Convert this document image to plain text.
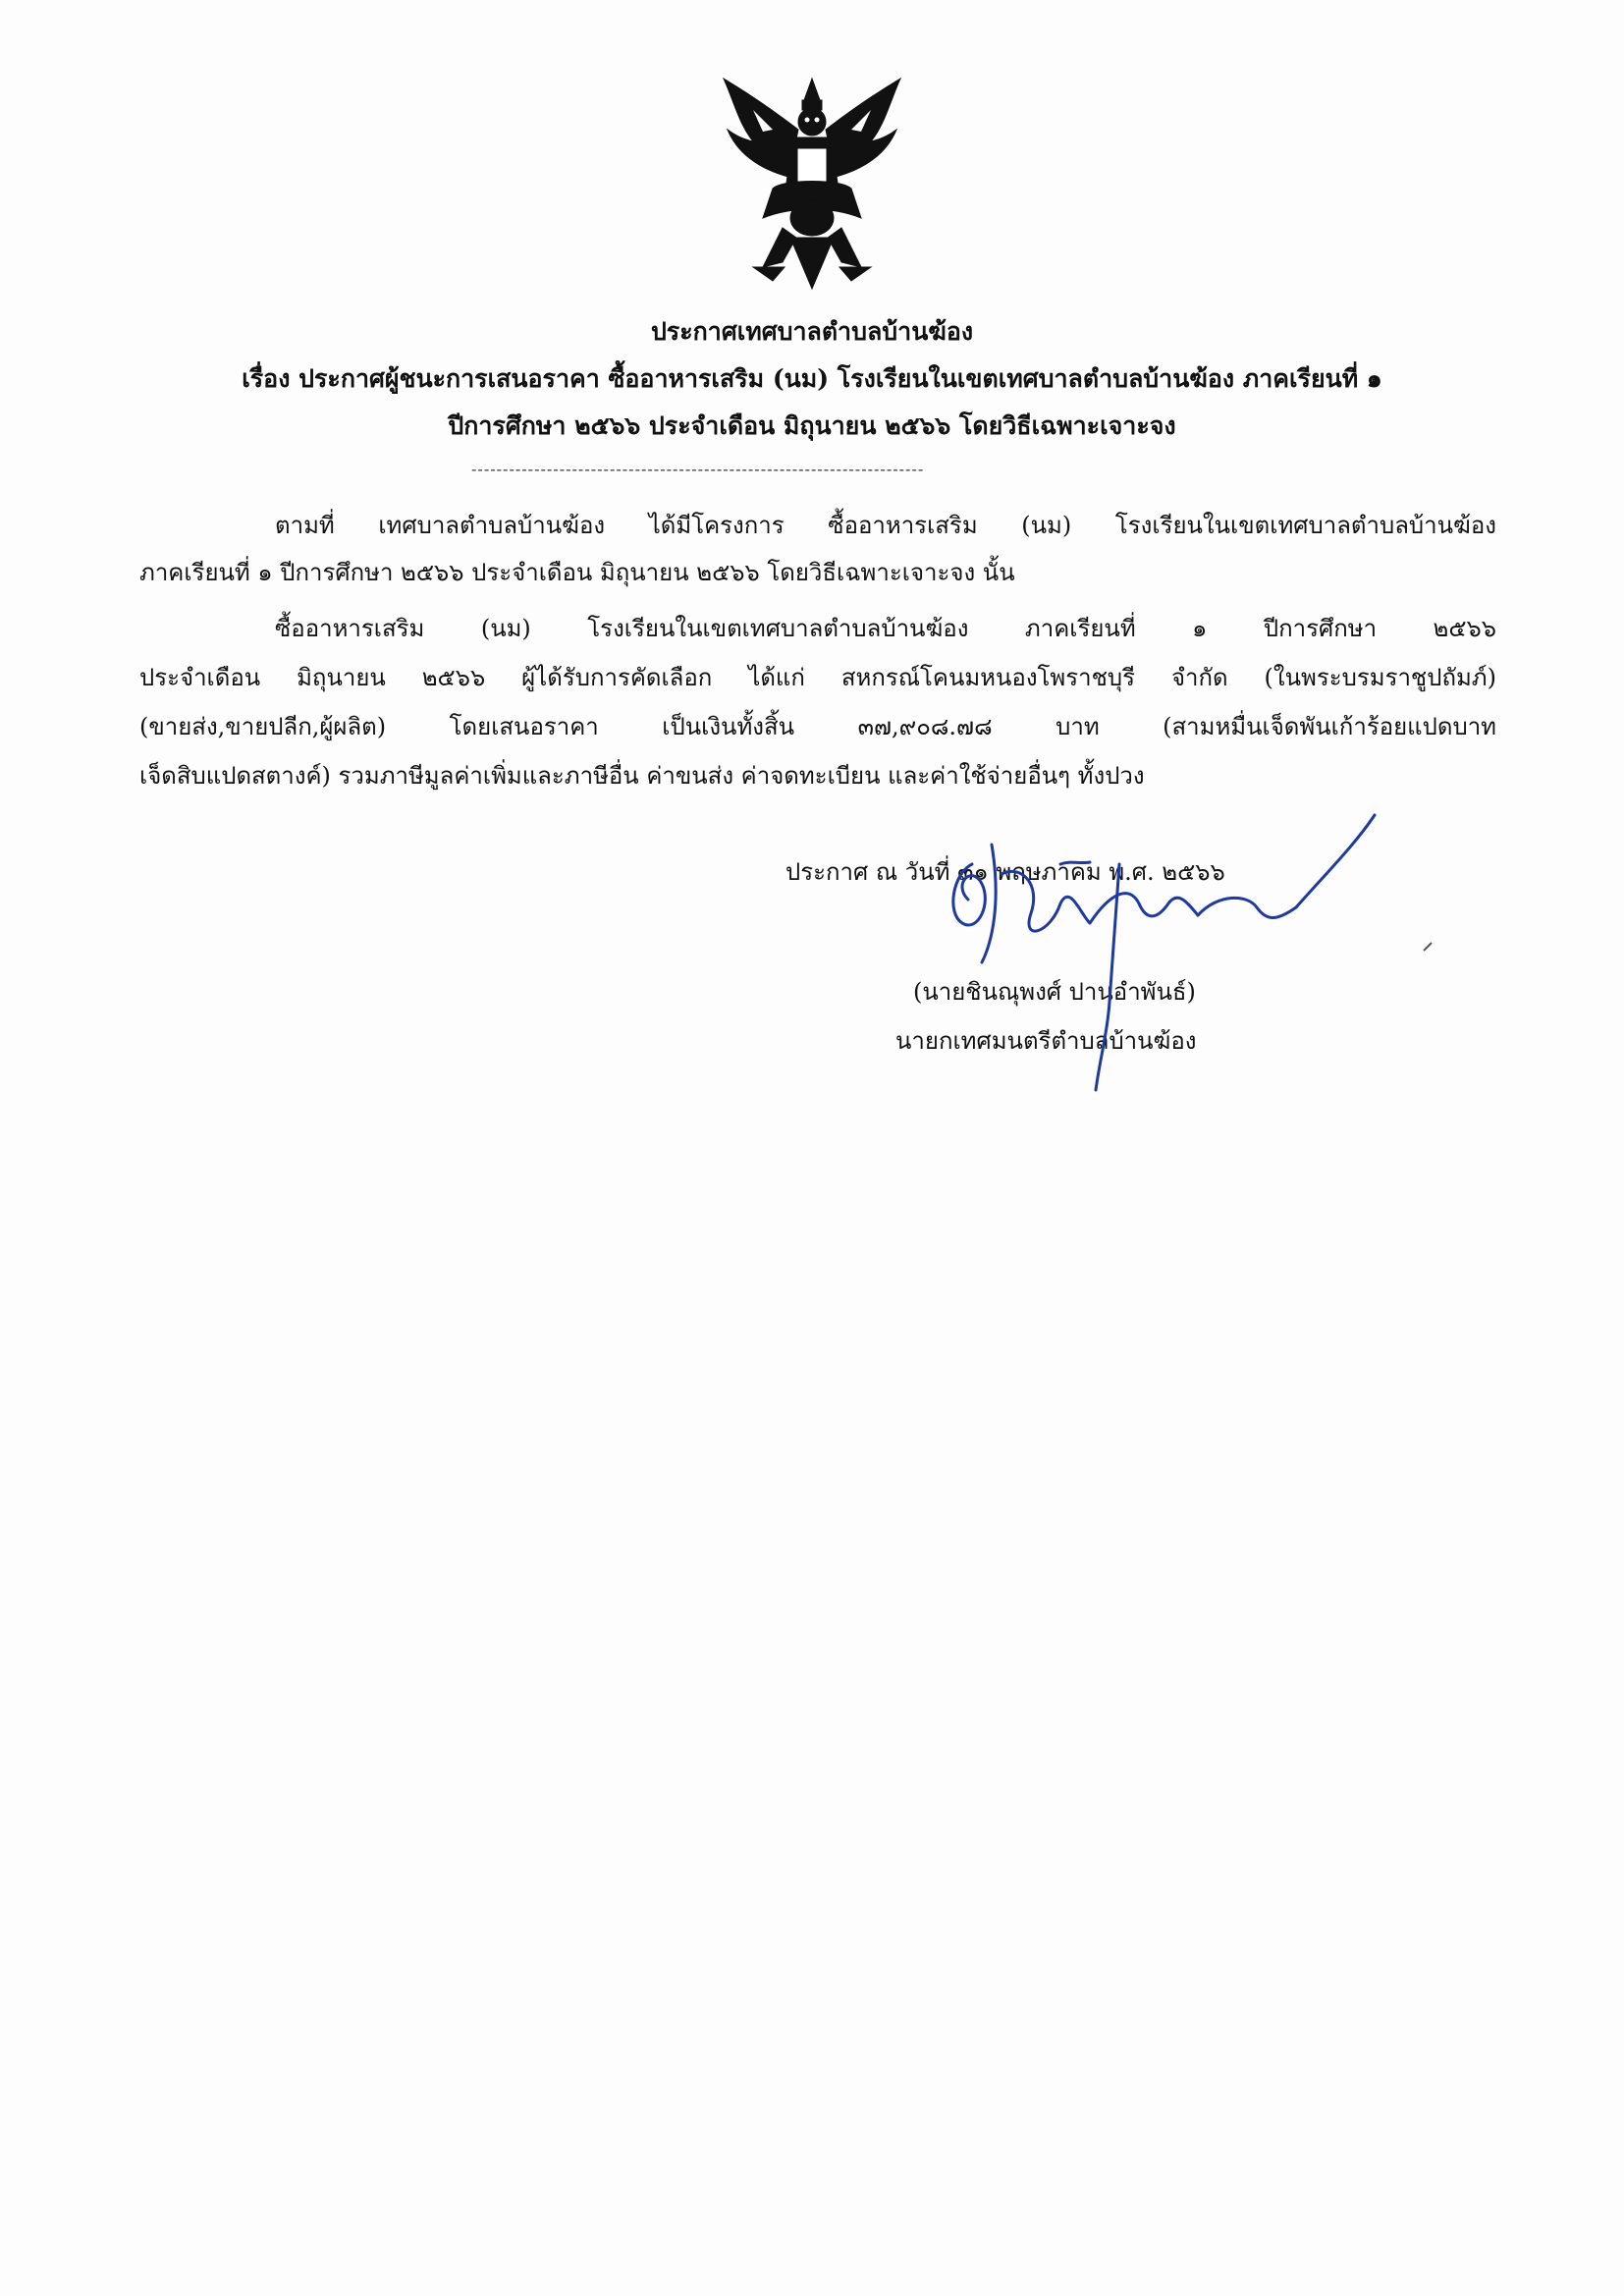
ประกาศเทศบาลตำบลบ้านฆ้อง
เรื่อง ประกาศผู้ชนะการเสนอราคา ซื้ออาหารเสริม (นม) โรงเรียนในเขตเทศบาลตำบลบ้านฆ้อง ภาคเรียนที่ ๑
ปีการศึกษา ๒๕๖๖ ประจำเดือน มิถุนายน ๒๕๖๖ โดยวิธีเฉพาะเจาะจง
------------------------------------------------------------------------
ตามที่ เทศบาลตำบลบ้านฆ้อง ได้มีโครงการ ซื้ออาหารเสริม (นม) โรงเรียนในเขตเทศบาลตำบลบ้านฆ้อง
ภาคเรียนที่ ๑ ปีการศึกษา ๒๕๖๖ ประจำเดือน มิถุนายน ๒๕๖๖ โดยวิธีเฉพาะเจาะจง นั้น
ซื้ออาหารเสริม (นม) โรงเรียนในเขตเทศบาลตำบลบ้านฆ้อง ภาคเรียนที่ ๑ ปีการศึกษา ๒๕๖๖
ประจำเดือน มิถุนายน ๒๕๖๖ ผู้ได้รับการคัดเลือก ได้แก่ สหกรณ์โคนมหนองโพราชบุรี จำกัด (ในพระบรมราชูปถัมภ์)
(ขายส่ง,ขายปลีก,ผู้ผลิต) โดยเสนอราคา เป็นเงินทั้งสิ้น ๓๗,๙๐๘.๗๘ บาท (สามหมื่นเจ็ดพันเก้าร้อยแปดบาท
เจ็ดสิบแปดสตางค์) รวมภาษีมูลค่าเพิ่มและภาษีอื่น ค่าขนส่ง ค่าจดทะเบียน และค่าใช้จ่ายอื่นๆ ทั้งปวง
ประกาศ ณ วันที่ ๓๑ พฤษภาคม พ.ศ. ๒๕๖๖
(นายชินณุพงศ์ ปานอำพันธ์)
นายกเทศมนตรีตำบลบ้านฆ้อง
